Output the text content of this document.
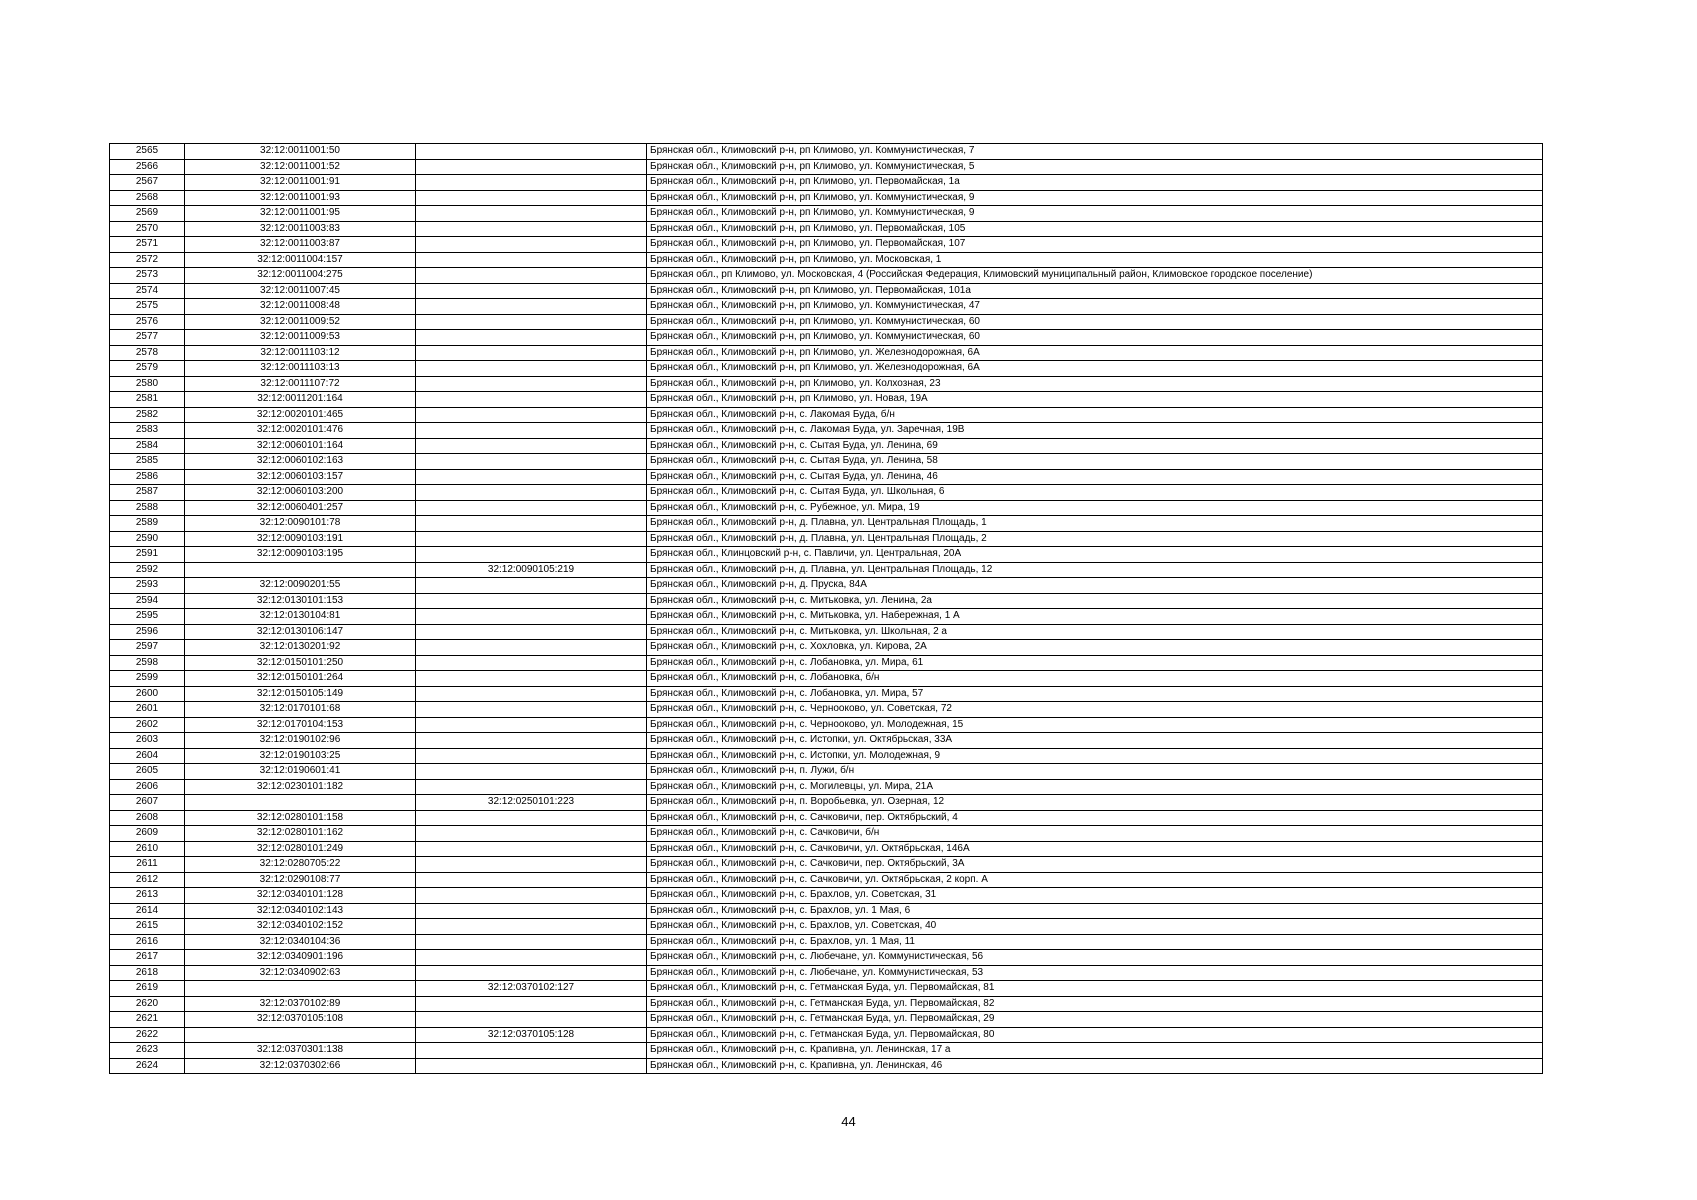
2565	32:12:0011001:50		Брянская обл., Климовский р-н, рп Климово, ул. Коммунистическая, 7
2566	32:12:0011001:52		Брянская обл., Климовский р-н, рп Климово, ул. Коммунистическая, 5
2567	32:12:0011001:91		Брянская обл., Климовский р-н, рп Климово, ул. Первомайская, 1а
2568	32:12:0011001:93		Брянская обл., Климовский р-н, рп Климово, ул. Коммунистическая, 9
2569	32:12:0011001:95		Брянская обл., Климовский р-н, рп Климово, ул. Коммунистическая, 9
2570	32:12:0011003:83		Брянская обл., Климовский р-н, рп Климово, ул. Первомайская, 105
2571	32:12:0011003:87		Брянская обл., Климовский р-н, рп Климово, ул. Первомайская, 107
2572	32:12:0011004:157		Брянская обл., Климовский р-н, рп Климово, ул. Московская, 1
2573	32:12:0011004:275		Брянская обл., рп Климово, ул. Московская, 4 (Российская Федерация, Климовский муниципальный район, Климовское городское поселение)
2574	32:12:0011007:45		Брянская обл., Климовский р-н, рп Климово, ул. Первомайская, 101а
2575	32:12:0011008:48		Брянская обл., Климовский р-н, рп Климово, ул. Коммунистическая, 47
2576	32:12:0011009:52		Брянская обл., Климовский р-н, рп Климово, ул. Коммунистическая, 60
2577	32:12:0011009:53		Брянская обл., Климовский р-н, рп Климово, ул. Коммунистическая, 60
2578	32:12:0011103:12		Брянская обл., Климовский р-н, рп Климово, ул. Железнодорожная, 6А
2579	32:12:0011103:13		Брянская обл., Климовский р-н, рп Климово, ул. Железнодорожная, 6А
2580	32:12:0011107:72		Брянская обл., Климовский р-н, рп Климово, ул. Колхозная, 23
2581	32:12:0011201:164		Брянская обл., Климовский р-н, рп Климово, ул. Новая, 19А
2582	32:12:0020101:465		Брянская обл., Климовский р-н, с. Лакомая Буда, б/н
2583	32:12:0020101:476		Брянская обл., Климовский р-н, с. Лакомая Буда, ул. Заречная, 19В
2584	32:12:0060101:164		Брянская обл., Климовский р-н, с. Сытая Буда, ул. Ленина, 69
2585	32:12:0060102:163		Брянская обл., Климовский р-н, с. Сытая Буда, ул. Ленина, 58
2586	32:12:0060103:157		Брянская обл., Климовский р-н, с. Сытая Буда, ул. Ленина, 46
2587	32:12:0060103:200		Брянская обл., Климовский р-н, с. Сытая Буда, ул. Школьная, 6
2588	32:12:0060401:257		Брянская обл., Климовский р-н, с. Рубежное, ул. Мира, 19
2589	32:12:0090101:78		Брянская обл., Климовский р-н, д. Плавна, ул. Центральная Площадь, 1
2590	32:12:0090103:191		Брянская обл., Климовский р-н, д. Плавна, ул. Центральная Площадь, 2
2591	32:12:0090103:195		Брянская обл., Клинцовский р-н, с. Павличи, ул. Центральная, 20А
2592		32:12:0090105:219	Брянская обл., Климовский р-н, д. Плавна, ул. Центральная Площадь, 12
2593	32:12:0090201:55		Брянская обл., Климовский р-н, д. Пруска, 84А
2594	32:12:0130101:153		Брянская обл., Климовский р-н, с. Митьковка, ул. Ленина, 2а
2595	32:12:0130104:81		Брянская обл., Климовский р-н, с. Митьковка, ул. Набережная, 1 А
2596	32:12:0130106:147		Брянская обл., Климовский р-н, с. Митьковка, ул. Школьная, 2 а
2597	32:12:0130201:92		Брянская обл., Климовский р-н, с. Хохловка, ул. Кирова, 2А
2598	32:12:0150101:250		Брянская обл., Климовский р-н, с. Лобановка, ул. Мира, 61
2599	32:12:0150101:264		Брянская обл., Климовский р-н, с. Лобановка, б/н
2600	32:12:0150105:149		Брянская обл., Климовский р-н, с. Лобановка, ул. Мира, 57
2601	32:12:0170101:68		Брянская обл., Климовский р-н, с. Чернооково, ул. Советская, 72
2602	32:12:0170104:153		Брянская обл., Климовский р-н, с. Чернооково, ул. Молодежная, 15
2603	32:12:0190102:96		Брянская обл., Климовский р-н, с. Истопки, ул. Октябрьская, 33А
2604	32:12:0190103:25		Брянская обл., Климовский р-н, с. Истопки, ул. Молодежная, 9
2605	32:12:0190601:41		Брянская обл., Климовский р-н, п. Лужи, б/н
2606	32:12:0230101:182		Брянская обл., Климовский р-н, с. Могилевцы, ул. Мира, 21А
2607		32:12:0250101:223	Брянская обл., Климовский р-н, п. Воробьевка, ул. Озерная, 12
2608	32:12:0280101:158		Брянская обл., Климовский р-н, с. Сачковичи, пер. Октябрьский, 4
2609	32:12:0280101:162		Брянская обл., Климовский р-н, с. Сачковичи, б/н
2610	32:12:0280101:249		Брянская обл., Климовский р-н, с. Сачковичи, ул. Октябрьская, 146А
2611	32:12:0280705:22		Брянская обл., Климовский р-н, с. Сачковичи, пер. Октябрьский, 3А
2612	32:12:0290108:77		Брянская обл., Климовский р-н, с. Сачковичи, ул. Октябрьская, 2 корп. А
2613	32:12:0340101:128		Брянская обл., Климовский р-н, с. Брахлов, ул. Советская, 31
2614	32:12:0340102:143		Брянская обл., Климовский р-н, с. Брахлов, ул. 1 Мая, 6
2615	32:12:0340102:152		Брянская обл., Климовский р-н, с. Брахлов, ул. Советская, 40
2616	32:12:0340104:36		Брянская обл., Климовский р-н, с. Брахлов, ул. 1 Мая, 11
2617	32:12:0340901:196		Брянская обл., Климовский р-н, с. Любечане, ул. Коммунистическая, 56
2618	32:12:0340902:63		Брянская обл., Климовский р-н, с. Любечане, ул. Коммунистическая, 53
2619		32:12:0370102:127	Брянская обл., Климовский р-н, с. Гетманская Буда, ул. Первомайская, 81
2620	32:12:0370102:89		Брянская обл., Климовский р-н, с. Гетманская Буда, ул. Первомайская, 82
2621	32:12:0370105:108		Брянская обл., Климовский р-н, с. Гетманская Буда, ул. Первомайская, 29
2622		32:12:0370105:128	Брянская обл., Климовский р-н, с. Гетманская Буда, ул. Первомайская, 80
2623	32:12:0370301:138		Брянская обл., Климовский р-н, с. Крапивна, ул. Ленинская, 17 а
2624	32:12:0370302:66		Брянская обл., Климовский р-н, с. Крапивна, ул. Ленинская, 46
44
